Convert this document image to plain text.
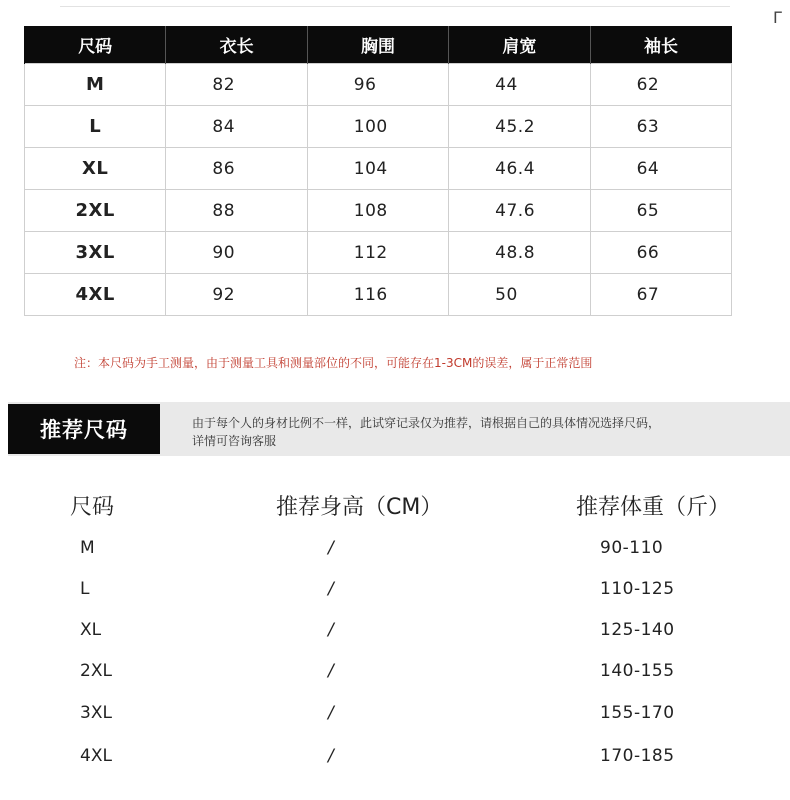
Г
尺码	衣长	胸围	肩宽	袖长
M	82	96	44	62
L	84	100	45.2	63
XL	86	104	46.4	64
2XL	88	108	47.6	65
3XL	90	112	48.8	66
4XL	92	116	50	67
注：本尺码为手工测量，由于测量工具和测量部位的不同，可能存在1-3CM的误差，属于正常范围
推荐尺码	由于每个人的身材比例不一样，此试穿记录仅为推荐，请根据自己的具体情况选择尺码，
详情可咨询客服
尺码	推荐身高（CM）	推荐体重（斤）
M	/	90-110
L	/	110-125
XL	/	125-140
2XL	/	140-155
3XL	/	155-170
4XL	/	170-185
